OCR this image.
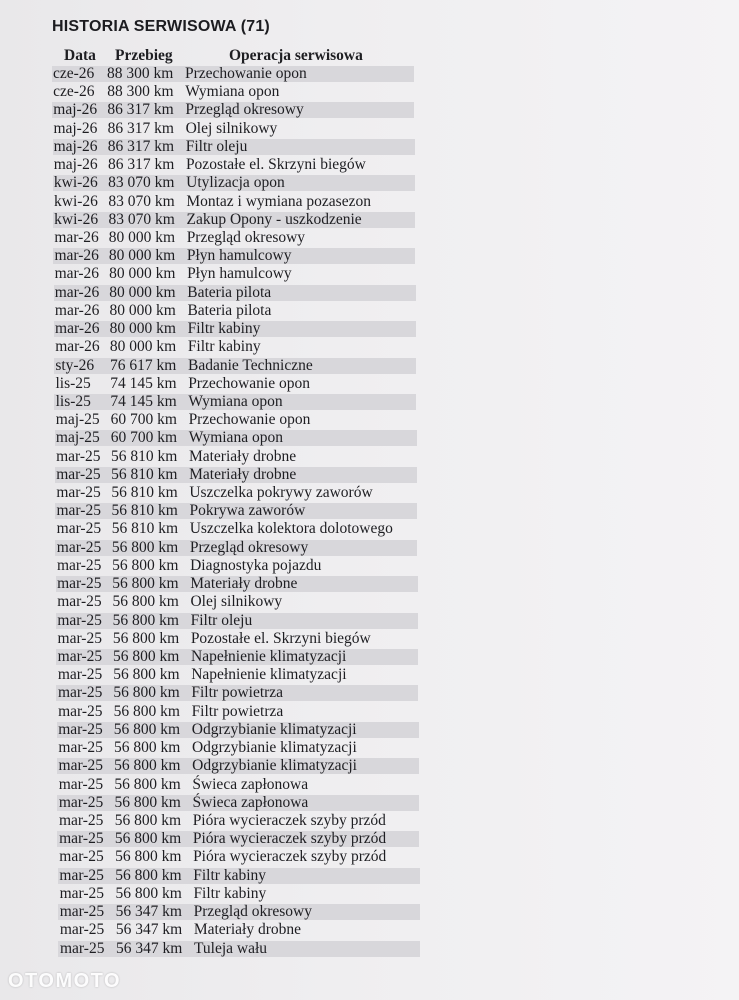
HISTORIA SERWISOWA (71)
Data Przebieg	Operacja serwisowa
cze-26 88 300 km Przechowanie opon
cze-26 88 300 km Wymiana opon
maj-26 86 317 km Przegląd okresowy
maj-26 86 317 km Olej silnikowy
maj-26 86 317 km Filtr oleju
maj-26 86 317 km Pozostałe el. Skrzyni biegów
kwi-26 83 070 km Utylizacja opon
kwi-26 83 070 km Montaz i wymiana pozasezon
kwi-26 83 070 km Zakup Opony - uszkodzenie
mar-26 80 000 km Przegląd okresowy
mar-26 80 000 km Płyn hamulcowy
mar-26 80 000 km Płyn hamulcowy
mar-26 80 000 km Bateria pilota
mar-26 80 000 km Bateria pilota
mar-26 80 000 km Filtr kabiny
mar-26 80 000 km Filtr kabiny
sty-26	76 617 km Badanie Techniczne
lis-25	74 145 km Przechowanie opon
lis-25	74 145 km Wymiana opon
maj-25 60 700 km Przechowanie opon
maj-25 60 700 km Wymiana opon
mar-25 56 810 km Materiały drobne
mar-25 56 810 km Materiały drobne
mar-25 56 810 km Uszczelka pokrywy zaworów
mar-25 56 810 km Pokrywa zaworów
mar-25 56 810 km Uszczelka kolektora dolotowego
mar-25 56 800 km Przegląd okresowy
mar-25 56 800 km Diagnostyka pojazdu
mar-25 56 800 km Materiały drobne
mar-25 56 800 km Olej silnikowy
mar-25 56 800 km Filtr oleju
mar-25 56 800 km Pozostałe el. Skrzyni biegów
mar-25 56 800 km Napełnienie klimatyzacji
mar-25 56 800 km Napełnienie klimatyzacji
mar-25 56 800 km Filtr powietrza
mar-25 56 800 km Filtr powietrza
mar-25 56 800 km Odgrzybianie klimatyzacji
mar-25 56 800 km Odgrzybianie klimatyzacji
mar-25 56 800 km Odgrzybianie klimatyzacji
mar-25 56 800 km Świeca zapłonowa
mar-25 56 800 km Świeca zapłonowa
mar-25 56 800 km Pióra wycieraczek szyby przód
mar-25 56 800 km Pióra wycieraczek szyby przód
mar-25 56 800 km Pióra wycieraczek szyby przód
mar-25 56 800 km Filtr kabiny
mar-25 56 800 km Filtr kabiny
mar-25 56 347 km Przegląd okresowy
mar-25 56 347 km Materiały drobne
mar-25 56 347 km Tuleja wału
OTOMOTO
